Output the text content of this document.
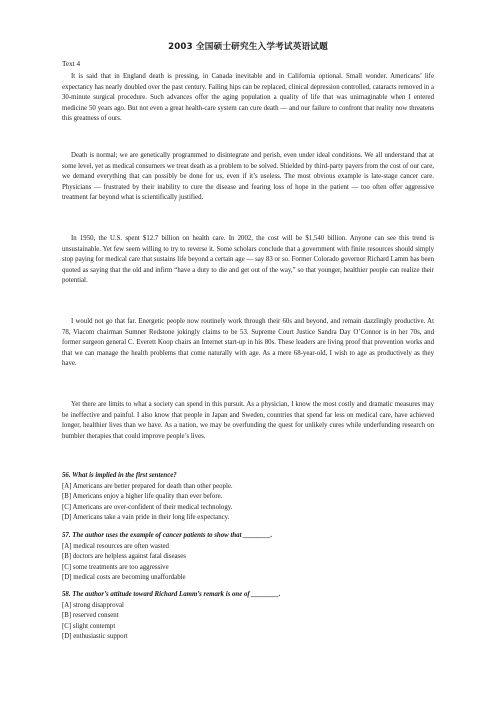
2003 全国硕士研究生入学考试英语试题
Text 4

It is said that in England death is pressing, in Canada inevitable and in California optional. Small wonder. Americans’ life expectancy has nearly doubled over the past century. Failing hips can be replaced, clinical depression controlled, cataracts removed in a 30-minute surgical procedure. Such advances offer the aging population a quality of life that was unimaginable when I entered medicine 50 years ago. But not even a great health-care system can cure death — and our failure to confront that reality now threatens this greatness of ours.

Death is normal; we are genetically programmed to disintegrate and perish, even under ideal conditions. We all understand that at some level, yet as medical consumers we treat death as a problem to be solved. Shielded by third-party payers from the cost of our care, we demand everything that can possibly be done for us, even if it’s useless. The most obvious example is late-stage cancer care. Physicians — frustrated by their inability to cure the disease and fearing loss of hope in the patient — too often offer aggressive treatment far beyond what is scientifically justified.

In 1950, the U.S. spent $12.7 billion on health care. In 2002, the cost will be $1,540 billion. Anyone can see this trend is unsustainable. Yet few seem willing to try to reverse it. Some scholars conclude that a government with finite resources should simply stop paying for medical care that sustains life beyond a certain age — say 83 or so. Former Colorado governor Richard Lamm has been quoted as saying that the old and infirm “have a duty to die and get out of the way,” so that younger, healthier people can realize their potential.

I would not go that far. Energetic people now routinely work through their 60s and beyond, and remain dazzlingly productive. At 78, Viacom chairman Sumner Redstone jokingly claims to be 53. Supreme Court Justice Sandra Day O’Connor is in her 70s, and former surgeon general C. Everett Koop chairs an Internet start-up in his 80s. These leaders are living proof that prevention works and that we can manage the health problems that come naturally with age. As a mere 68-year-old, I wish to age as productively as they have.

Yet there are limits to what a society can spend in this pursuit. As a physician, I know the most costly and dramatic measures may be ineffective and painful. I also know that people in Japan and Sweden, countries that spend far less on medical care, have achieved longer, healthier lives than we have. As a nation, we may be overfunding the quest for unlikely cures while underfunding research on humbler therapies that could improve people’s lives.

56. What is implied in the first sentence?
[A] Americans are better prepared for death than other people.
[B] Americans enjoy a higher life quality than ever before.
[C] Americans are over-confident of their medical technology.
[D] Americans take a vain pride in their long life expectancy.
57. The author uses the example of cancer patients to show that ________.
[A] medical resources are often wasted
[B] doctors are helpless against fatal diseases
[C] some treatments are too aggressive
[D] medical costs are becoming unaffordable
58. The author’s attitude toward Richard Lamm’s remark is one of ________.
[A] strong disapproval
[B] reserved consent
[C] slight contempt
[D] enthusiastic support
